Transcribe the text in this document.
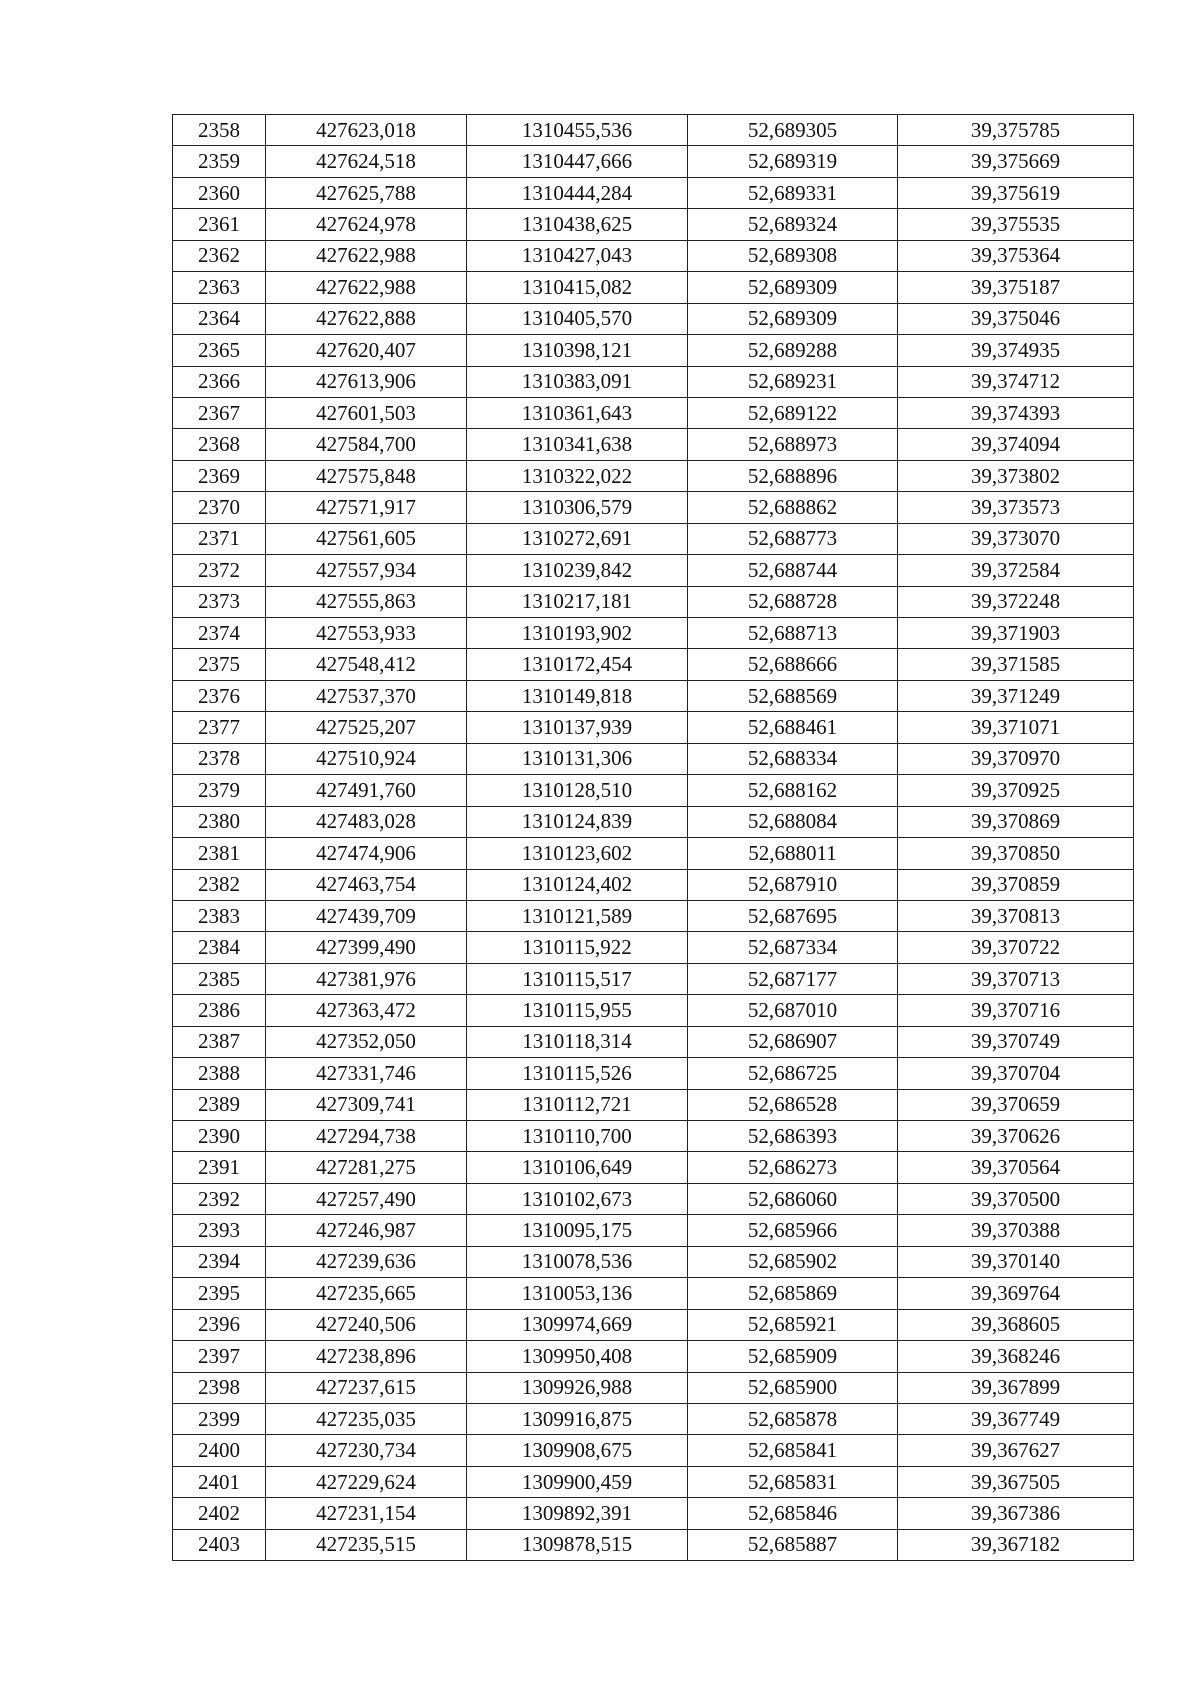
2358	427623,018	1310455,536	52,689305	39,375785
2359	427624,518	1310447,666	52,689319	39,375669
2360	427625,788	1310444,284	52,689331	39,375619
2361	427624,978	1310438,625	52,689324	39,375535
2362	427622,988	1310427,043	52,689308	39,375364
2363	427622,988	1310415,082	52,689309	39,375187
2364	427622,888	1310405,570	52,689309	39,375046
2365	427620,407	1310398,121	52,689288	39,374935
2366	427613,906	1310383,091	52,689231	39,374712
2367	427601,503	1310361,643	52,689122	39,374393
2368	427584,700	1310341,638	52,688973	39,374094
2369	427575,848	1310322,022	52,688896	39,373802
2370	427571,917	1310306,579	52,688862	39,373573
2371	427561,605	1310272,691	52,688773	39,373070
2372	427557,934	1310239,842	52,688744	39,372584
2373	427555,863	1310217,181	52,688728	39,372248
2374	427553,933	1310193,902	52,688713	39,371903
2375	427548,412	1310172,454	52,688666	39,371585
2376	427537,370	1310149,818	52,688569	39,371249
2377	427525,207	1310137,939	52,688461	39,371071
2378	427510,924	1310131,306	52,688334	39,370970
2379	427491,760	1310128,510	52,688162	39,370925
2380	427483,028	1310124,839	52,688084	39,370869
2381	427474,906	1310123,602	52,688011	39,370850
2382	427463,754	1310124,402	52,687910	39,370859
2383	427439,709	1310121,589	52,687695	39,370813
2384	427399,490	1310115,922	52,687334	39,370722
2385	427381,976	1310115,517	52,687177	39,370713
2386	427363,472	1310115,955	52,687010	39,370716
2387	427352,050	1310118,314	52,686907	39,370749
2388	427331,746	1310115,526	52,686725	39,370704
2389	427309,741	1310112,721	52,686528	39,370659
2390	427294,738	1310110,700	52,686393	39,370626
2391	427281,275	1310106,649	52,686273	39,370564
2392	427257,490	1310102,673	52,686060	39,370500
2393	427246,987	1310095,175	52,685966	39,370388
2394	427239,636	1310078,536	52,685902	39,370140
2395	427235,665	1310053,136	52,685869	39,369764
2396	427240,506	1309974,669	52,685921	39,368605
2397	427238,896	1309950,408	52,685909	39,368246
2398	427237,615	1309926,988	52,685900	39,367899
2399	427235,035	1309916,875	52,685878	39,367749
2400	427230,734	1309908,675	52,685841	39,367627
2401	427229,624	1309900,459	52,685831	39,367505
2402	427231,154	1309892,391	52,685846	39,367386
2403	427235,515	1309878,515	52,685887	39,367182
